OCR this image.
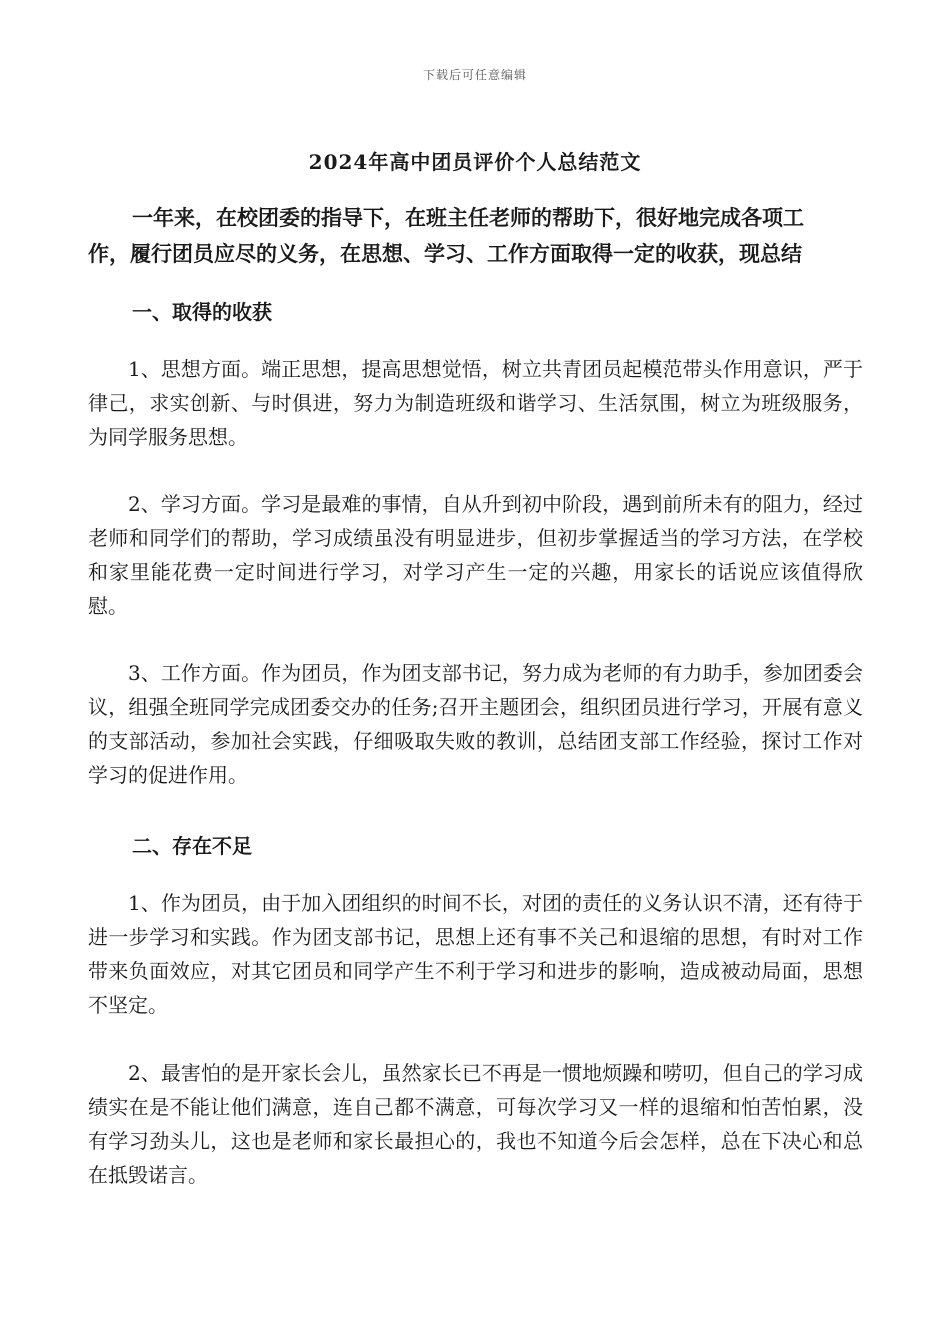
下载后可任意编辑
2024年高中团员评价个人总结范文
一年来，在校团委的指导下，在班主任老师的帮助下，很好地完成各项工
作，履行团员应尽的义务，在思想、学习、工作方面取得一定的收获，现总结
一、取得的收获

1、思想方面。端正思想，提高思想觉悟，树立共青团员起模范带头作用意识，严于律己，求实创新、与时俱进，努力为制造班级和谐学习、生活氛围，树立为班级服务，为同学服务思想。

2、学习方面。学习是最难的事情，自从升到初中阶段，遇到前所未有的阻力，经过老师和同学们的帮助，学习成绩虽没有明显进步，但初步掌握适当的学习方法，在学校和家里能花费一定时间进行学习，对学习产生一定的兴趣，用家长的话说应该值得欣慰。

3、工作方面。作为团员，作为团支部书记，努力成为老师的有力助手，参加团委会议，组强全班同学完成团委交办的任务;召开主题团会，组织团员进行学习，开展有意义的支部活动，参加社会实践，仔细吸取失败的教训，总结团支部工作经验，探讨工作对学习的促进作用。

二、存在不足

1、作为团员，由于加入团组织的时间不长，对团的责任的义务认识不清，还有待于进一步学习和实践。作为团支部书记，思想上还有事不关己和退缩的思想，有时对工作带来负面效应，对其它团员和同学产生不利于学习和进步的影响，造成被动局面，思想不坚定。

2、最害怕的是开家长会儿，虽然家长已不再是一惯地烦躁和唠叨，但自己的学习成绩实在是不能让他们满意，连自己都不满意，可每次学习又一样的退缩和怕苦怕累，没有学习劲头儿，这也是老师和家长最担心的，我也不知道今后会怎样，总在下决心和总在抵毁诺言。
